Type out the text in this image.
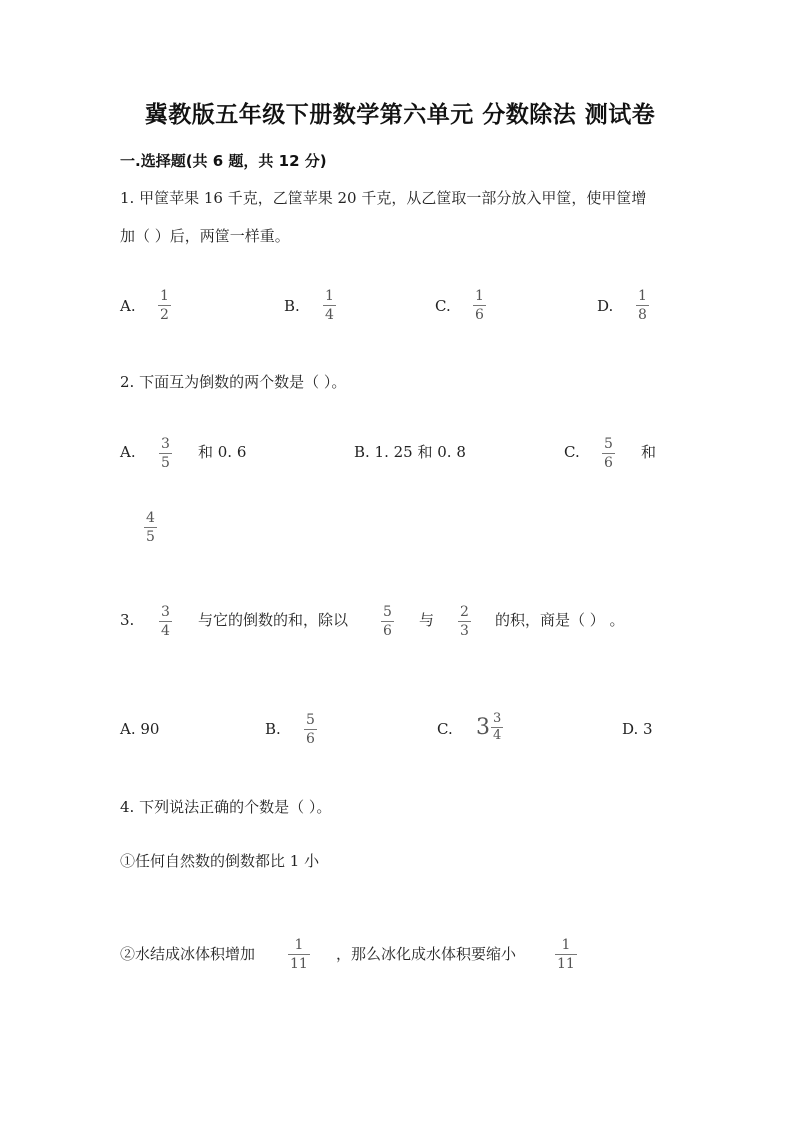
冀教版五年级下册数学第六单元 分数除法 测试卷
一.选择题(共 6 题，共 12 分)
1. 甲筐苹果 16 千克，乙筐苹果 20 千克，从乙筐取一部分放入甲筐，使甲筐增
加（ ）后，两筐一样重。
A.
1
2	B.
1
4	C.
1
6	D.
1
8
2. 下面互为倒数的两个数是（ ）。
A. 3
5
和 0. 6	B. 1. 25 和 0. 8	C. 5
6
和
4
5
3. 3
4
与它的倒数的和，除以 5
6
与 2
3
的积，商是（ ） 。
A. 90	B. 5
6
C. $3 \frac{3}{4}$	D. 3
4. 下列说法正确的个数是（ ）。
①任何自然数的倒数都比 1 小
②水结成冰体积增加	1
11
，那么冰化成水体积要缩小	1
11
